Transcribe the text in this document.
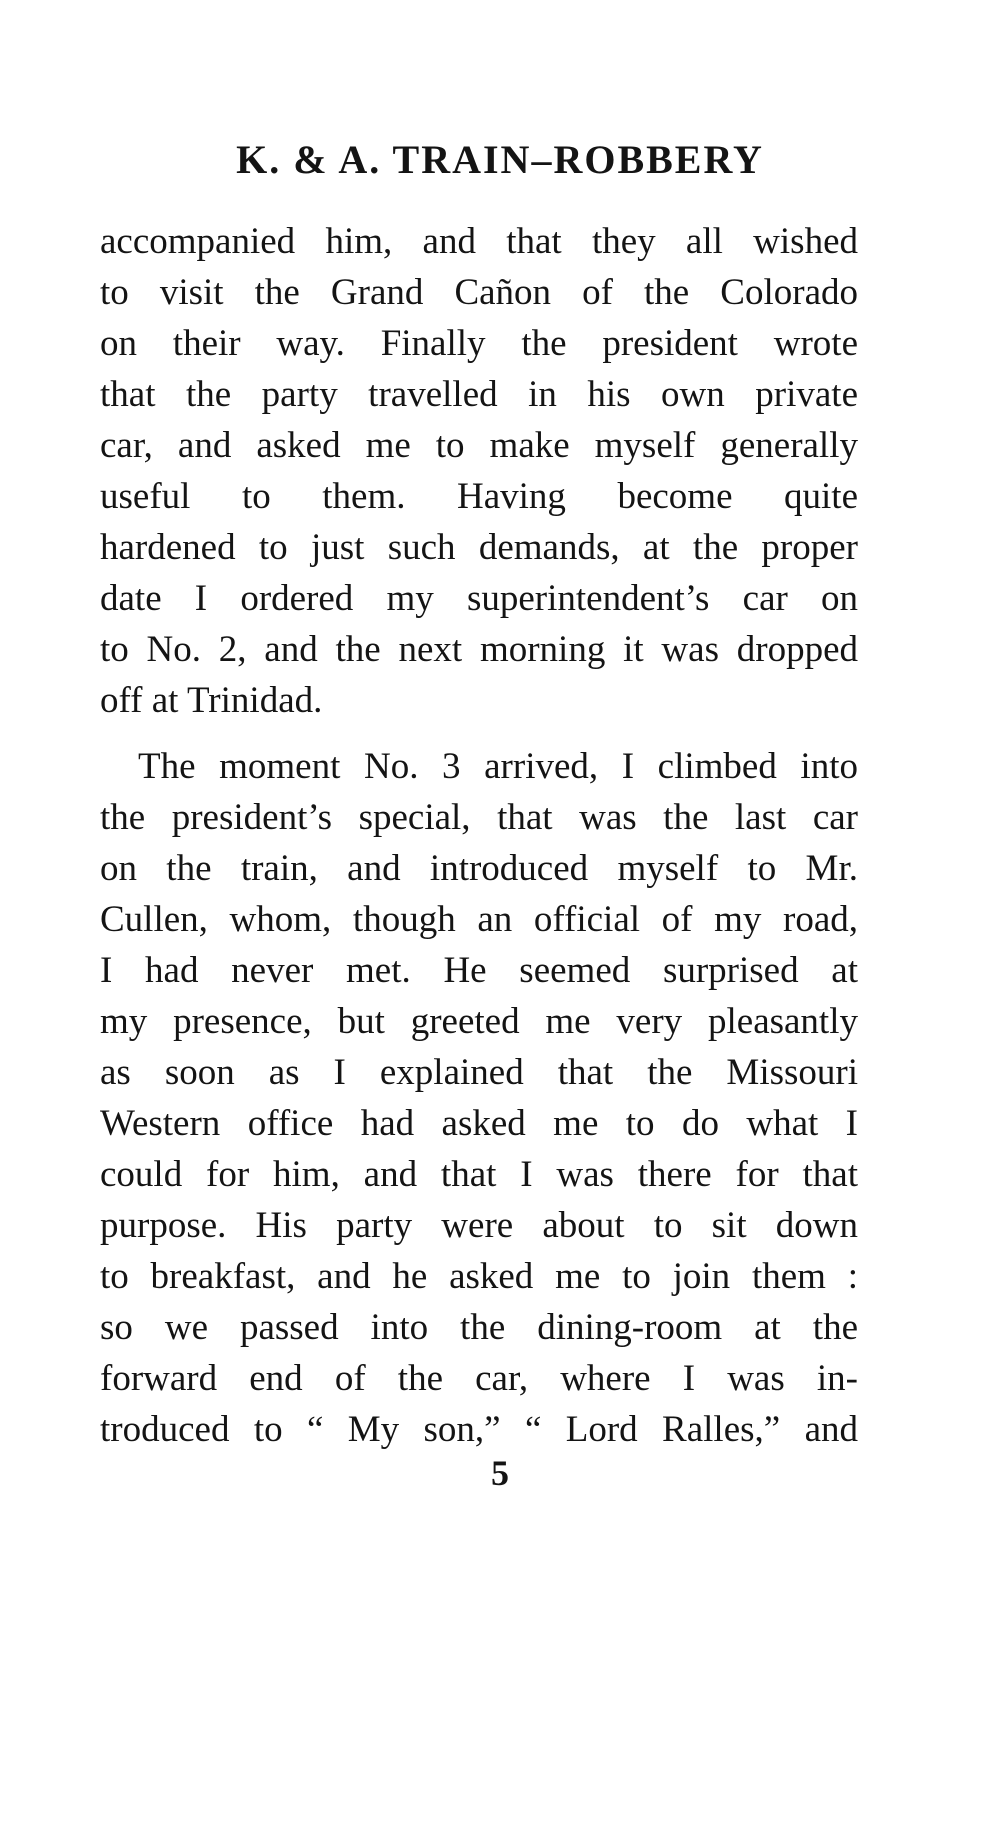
K. & A. TRAIN–ROBBERY

accompanied him, and that they all wished
to visit the Grand Cañon of the Colorado
on their way. Finally the president wrote
that the party travelled in his own private
car, and asked me to make myself generally
useful to them. Having become quite
hardened to just such demands, at the proper
date I ordered my superintendent’s car on
to No. 2, and the next morning it was dropped
off at Trinidad.

The moment No. 3 arrived, I climbed into
the president’s special, that was the last car
on the train, and introduced myself to Mr.
Cullen, whom, though an official of my road,
I had never met. He seemed surprised at
my presence, but greeted me very pleasantly
as soon as I explained that the Missouri
Western office had asked me to do what I
could for him, and that I was there for that
purpose. His party were about to sit down
to breakfast, and he asked me to join them :
so we passed into the dining-room at the
forward end of the car, where I was in-
troduced to “ My son,” “ Lord Ralles,” and

5
